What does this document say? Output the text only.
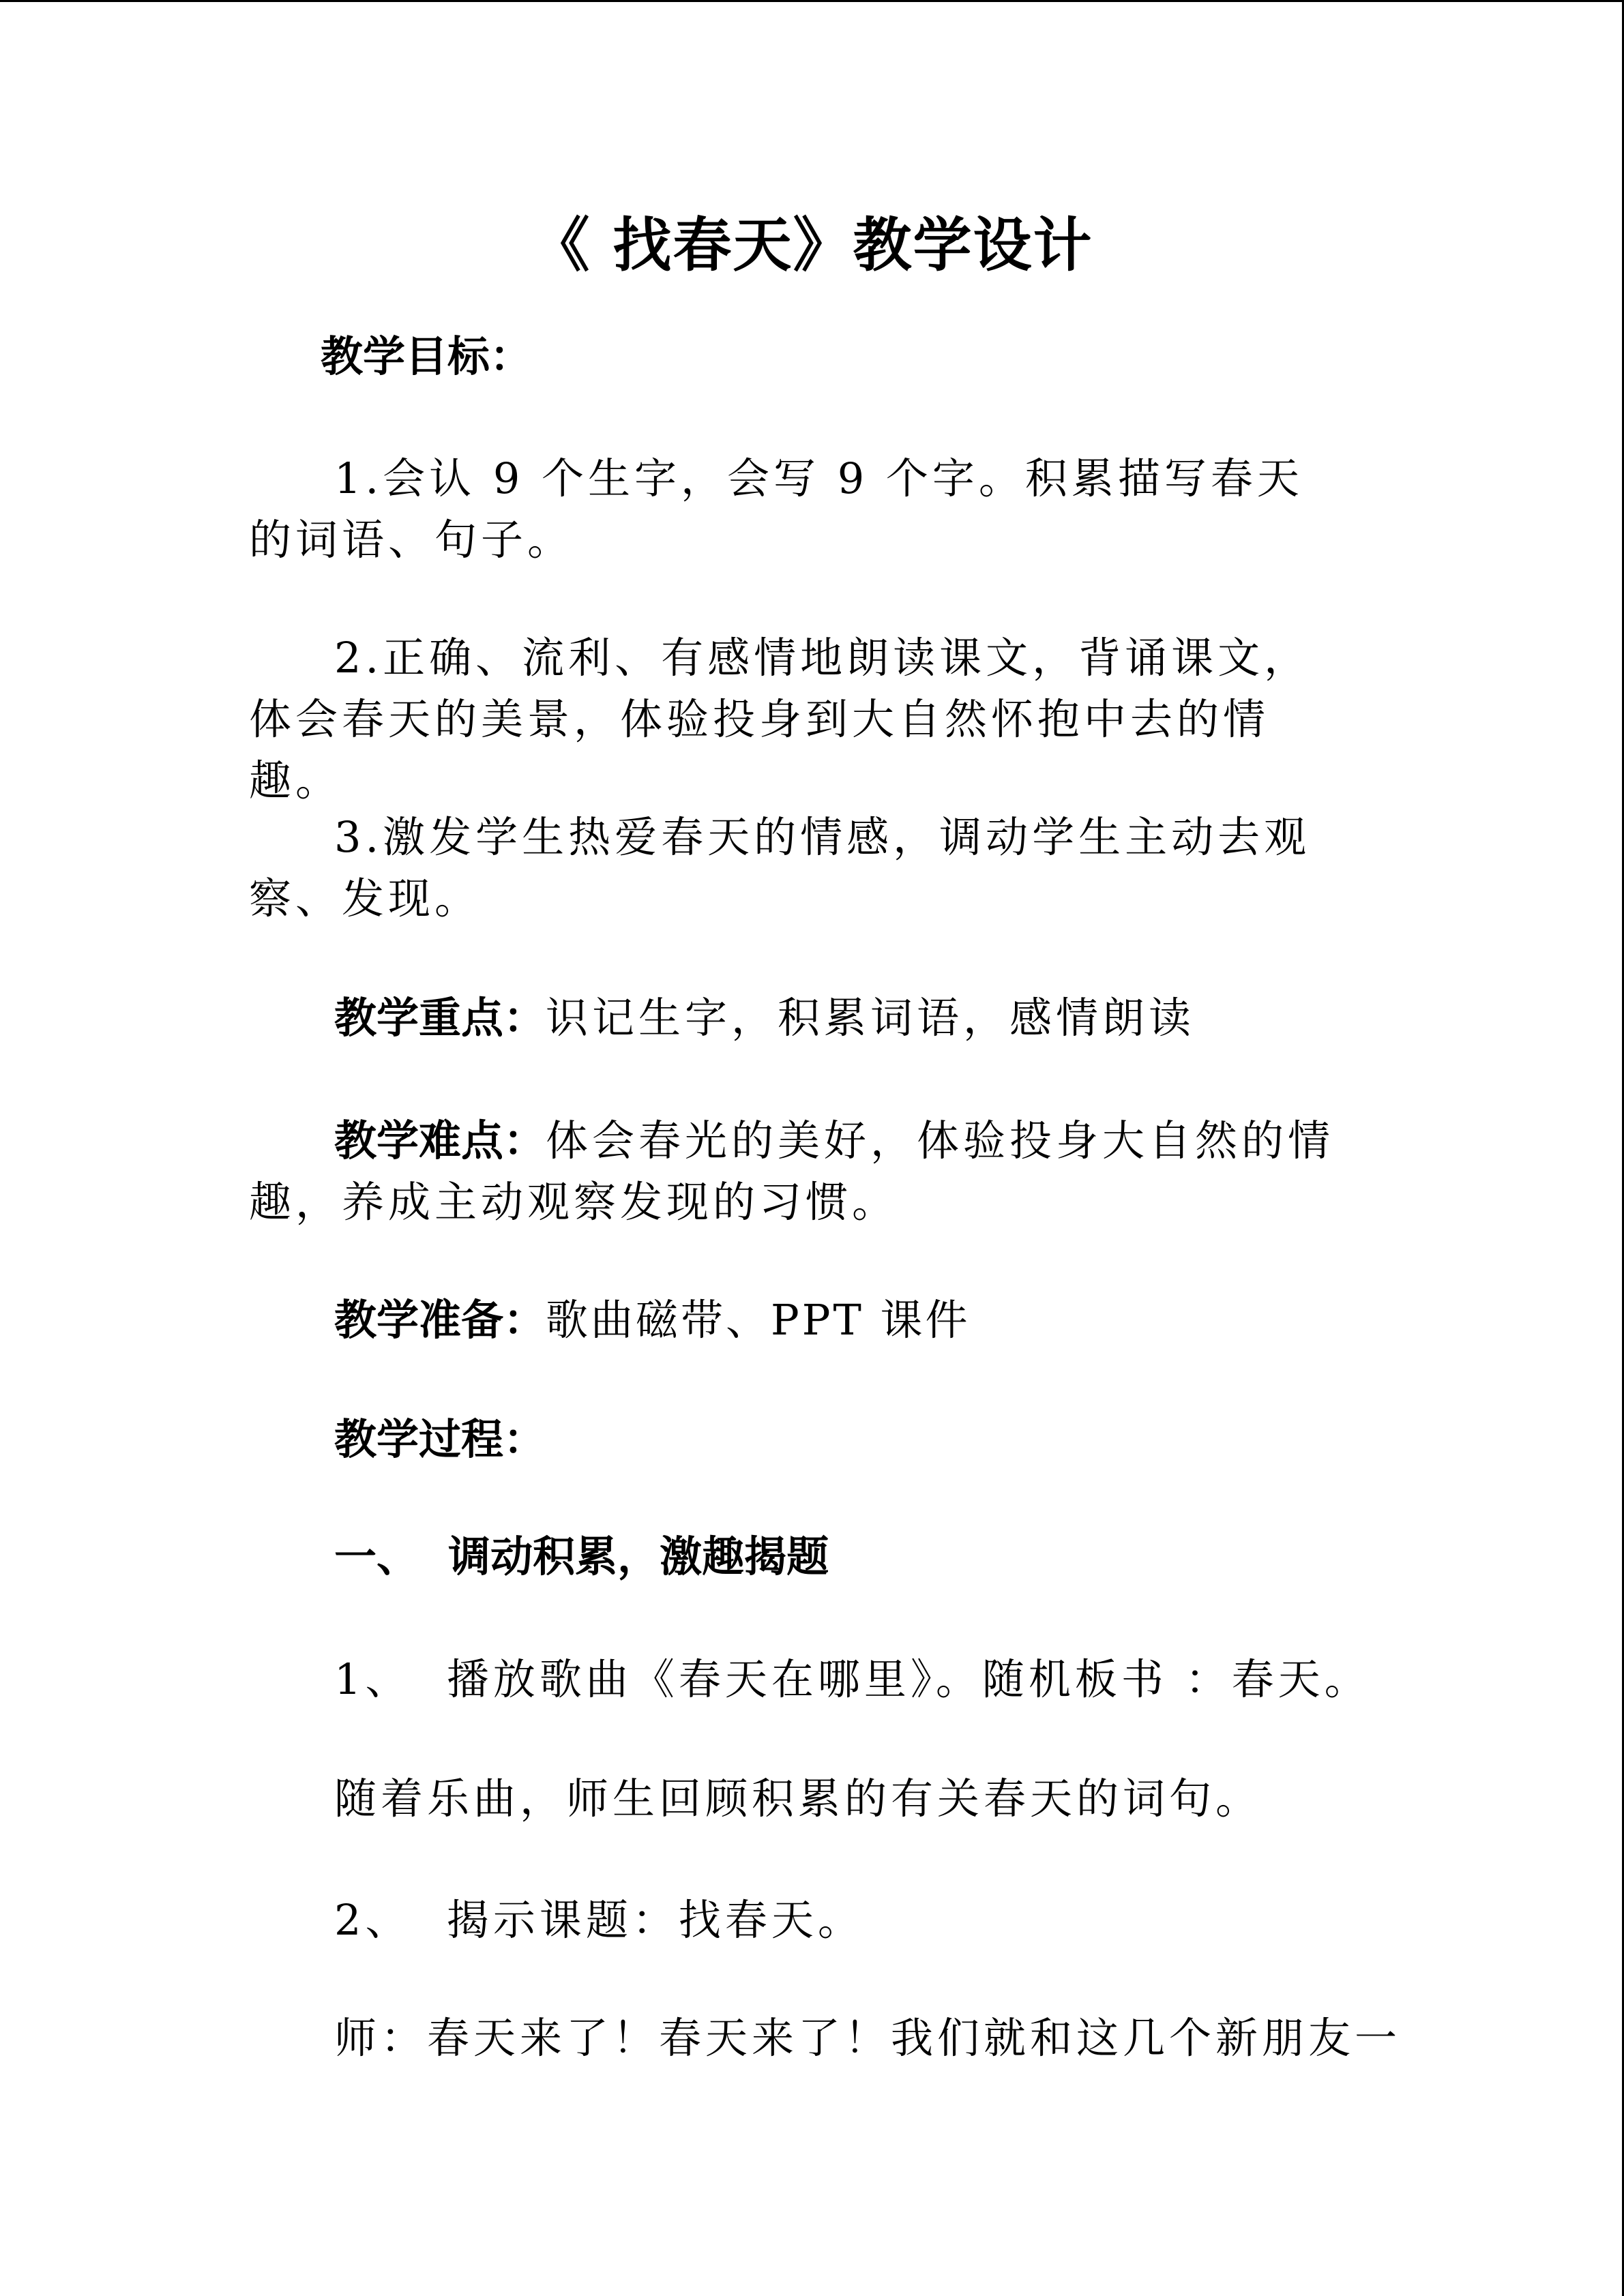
《 找春天》教学设计
教学目标：
1.会认 9 个生字，会写 9 个字。积累描写春天的词语、句子。
2.正确、流利、有感情地朗读课文，背诵课文，体会春天的美景，体验投身到大自然怀抱中去的情趣。
3.激发学生热爱春天的情感，调动学生主动去观察、发现。
教学重点：识记生字，积累词语，感情朗读
教学难点：体会春光的美好，体验投身大自然的情趣，养成主动观察发现的习惯。
教学准备：歌曲磁带、PPT 课件
教学过程：
一、  调动积累，激趣揭题
1、  播放歌曲《春天在哪里》。随机板书 ：春天。
随着乐曲，师生回顾积累的有关春天的词句。
2、  揭示课题：找春天。
师：春天来了！春天来了！我们就和这几个新朋友一
